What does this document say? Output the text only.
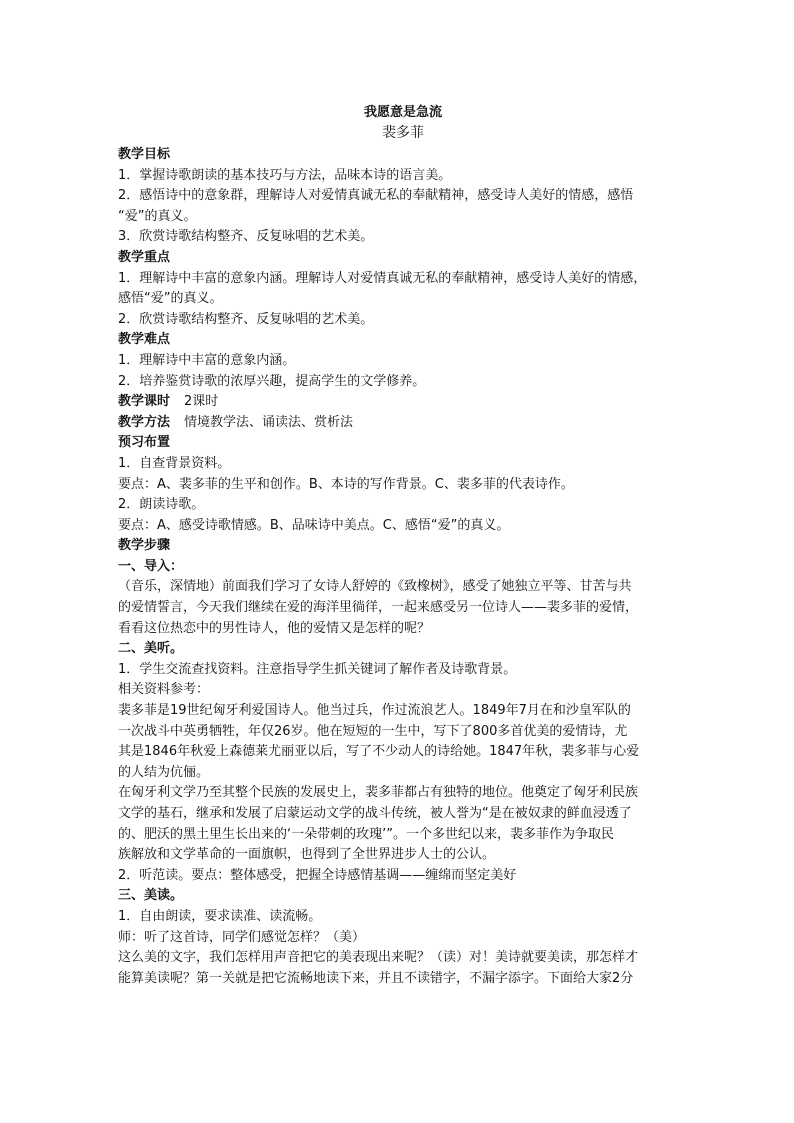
我愿意是急流

裴多菲

教学目标

1．掌握诗歌朗读的基本技巧与方法，品味本诗的语言美。

2．感悟诗中的意象群，理解诗人对爱情真诚无私的奉献精神，感受诗人美好的情感，感悟

“爱”的真义。

3．欣赏诗歌结构整齐、反复咏唱的艺术美。

教学重点

1．理解诗中丰富的意象内涵。理解诗人对爱情真诚无私的奉献精神，感受诗人美好的情感，

感悟“爱”的真义。

2．欣赏诗歌结构整齐、反复咏唱的艺术美。

教学难点

1．理解诗中丰富的意象内涵。

2．培养鉴赏诗歌的浓厚兴趣，提高学生的文学修养。

教学课时 2课时

教学方法 情境教学法、诵读法、赏析法

预习布置

1．自查背景资料。

要点：A、裴多菲的生平和创作。B、本诗的写作背景。C、裴多菲的代表诗作。

2．朗读诗歌。

要点：A、感受诗歌情感。B、品味诗中美点。C、感悟“爱”的真义。

教学步骤

一、导入：

（音乐，深情地）前面我们学习了女诗人舒婷的《致橡树》，感受了她独立平等、甘苦与共

的爱情誓言，今天我们继续在爱的海洋里徜徉，一起来感受另一位诗人——裴多菲的爱情，

看看这位热恋中的男性诗人，他的爱情又是怎样的呢？

二、美听。

1．学生交流查找资料。注意指导学生抓关键词了解作者及诗歌背景。

相关资料参考：

裴多菲是19世纪匈牙利爱国诗人。他当过兵，作过流浪艺人。1849年7月在和沙皇军队的

一次战斗中英勇牺牲，年仅26岁。他在短短的一生中，写下了800多首优美的爱情诗，尤

其是1846年秋爱上森德莱尤丽亚以后，写了不少动人的诗给她。1847年秋，裴多菲与心爱

的人结为伉俪。

在匈牙利文学乃至其整个民族的发展史上，裴多菲都占有独特的地位。他奠定了匈牙利民族

文学的基石，继承和发展了启蒙运动文学的战斗传统，被人誉为“是在被奴隶的鲜血浸透了

的、肥沃的黑土里生长出来的‘一朵带刺的玫瑰’”。一个多世纪以来，裴多菲作为争取民

族解放和文学革命的一面旗帜，也得到了全世界进步人士的公认。

2．听范读。要点：整体感受，把握全诗感情基调——缠绵而坚定美好

三、美读。

1．自由朗读，要求读准、读流畅。

师：听了这首诗，同学们感觉怎样？（美）

这么美的文字，我们怎样用声音把它的美表现出来呢？（读）对！美诗就要美读，那怎样才

能算美读呢？第一关就是把它流畅地读下来，并且不读错字，不漏字添字。下面给大家2分
